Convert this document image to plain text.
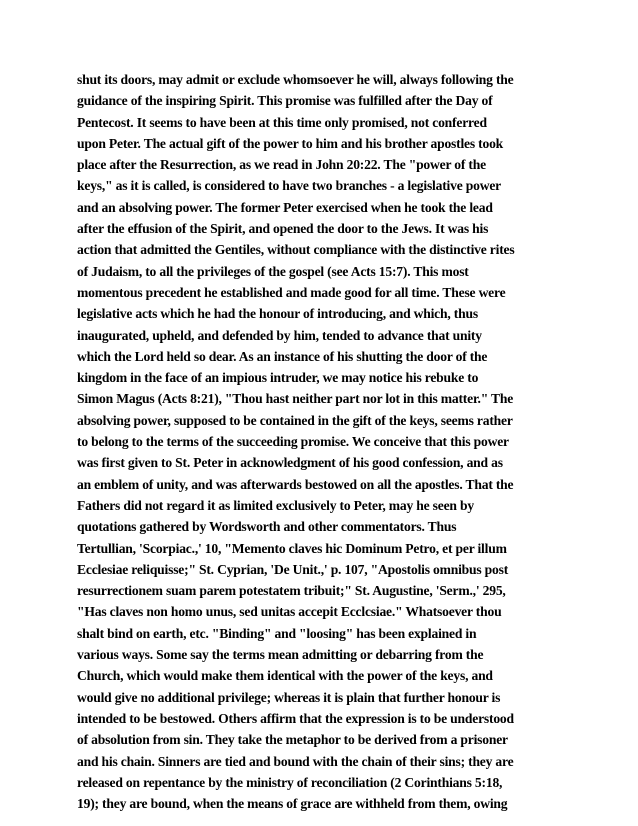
shut its doors, may admit or exclude whomsoever he will, always following the
guidance of the inspiring Spirit. This promise was fulfilled after the Day of
Pentecost. It seems to have been at this time only promised, not conferred
upon Peter. The actual gift of the power to him and his brother apostles took
place after the Resurrection, as we read in John 20:22. The "power of the
keys," as it is called, is considered to have two branches - a legislative power
and an absolving power. The former Peter exercised when he took the lead
after the effusion of the Spirit, and opened the door to the Jews. It was his
action that admitted the Gentiles, without compliance with the distinctive rites
of Judaism, to all the privileges of the gospel (see Acts 15:7). This most
momentous precedent he established and made good for all time. These were
legislative acts which he had the honour of introducing, and which, thus
inaugurated, upheld, and defended by him, tended to advance that unity
which the Lord held so dear. As an instance of his shutting the door of the
kingdom in the face of an impious intruder, we may notice his rebuke to
Simon Magus (Acts 8:21), "Thou hast neither part nor lot in this matter." The
absolving power, supposed to be contained in the gift of the keys, seems rather
to belong to the terms of the succeeding promise. We conceive that this power
was first given to St. Peter in acknowledgment of his good confession, and as
an emblem of unity, and was afterwards bestowed on all the apostles. That the
Fathers did not regard it as limited exclusively to Peter, may he seen by
quotations gathered by Wordsworth and other commentators. Thus
Tertullian, 'Scorpiac.,' 10, "Memento claves hic Dominum Petro, et per illum
Ecclesiae reliquisse;" St. Cyprian, 'De Unit.,' p. 107, "Apostolis omnibus post
resurrectionem suam parem potestatem tribuit;" St. Augustine, 'Serm.,' 295,
"Has claves non homo unus, sed unitas accepit Ecclcsiae." Whatsoever thou
shalt bind on earth, etc. "Binding" and "loosing" has been explained in
various ways. Some say the terms mean admitting or debarring from the
Church, which would make them identical with the power of the keys, and
would give no additional privilege; whereas it is plain that further honour is
intended to be bestowed. Others affirm that the expression is to be understood
of absolution from sin. They take the metaphor to be derived from a prisoner
and his chain. Sinners are tied and bound with the chain of their sins; they are
released on repentance by the ministry of reconciliation (2 Corinthians 5:18,
19); they are bound, when the means of grace are withheld from them, owing
